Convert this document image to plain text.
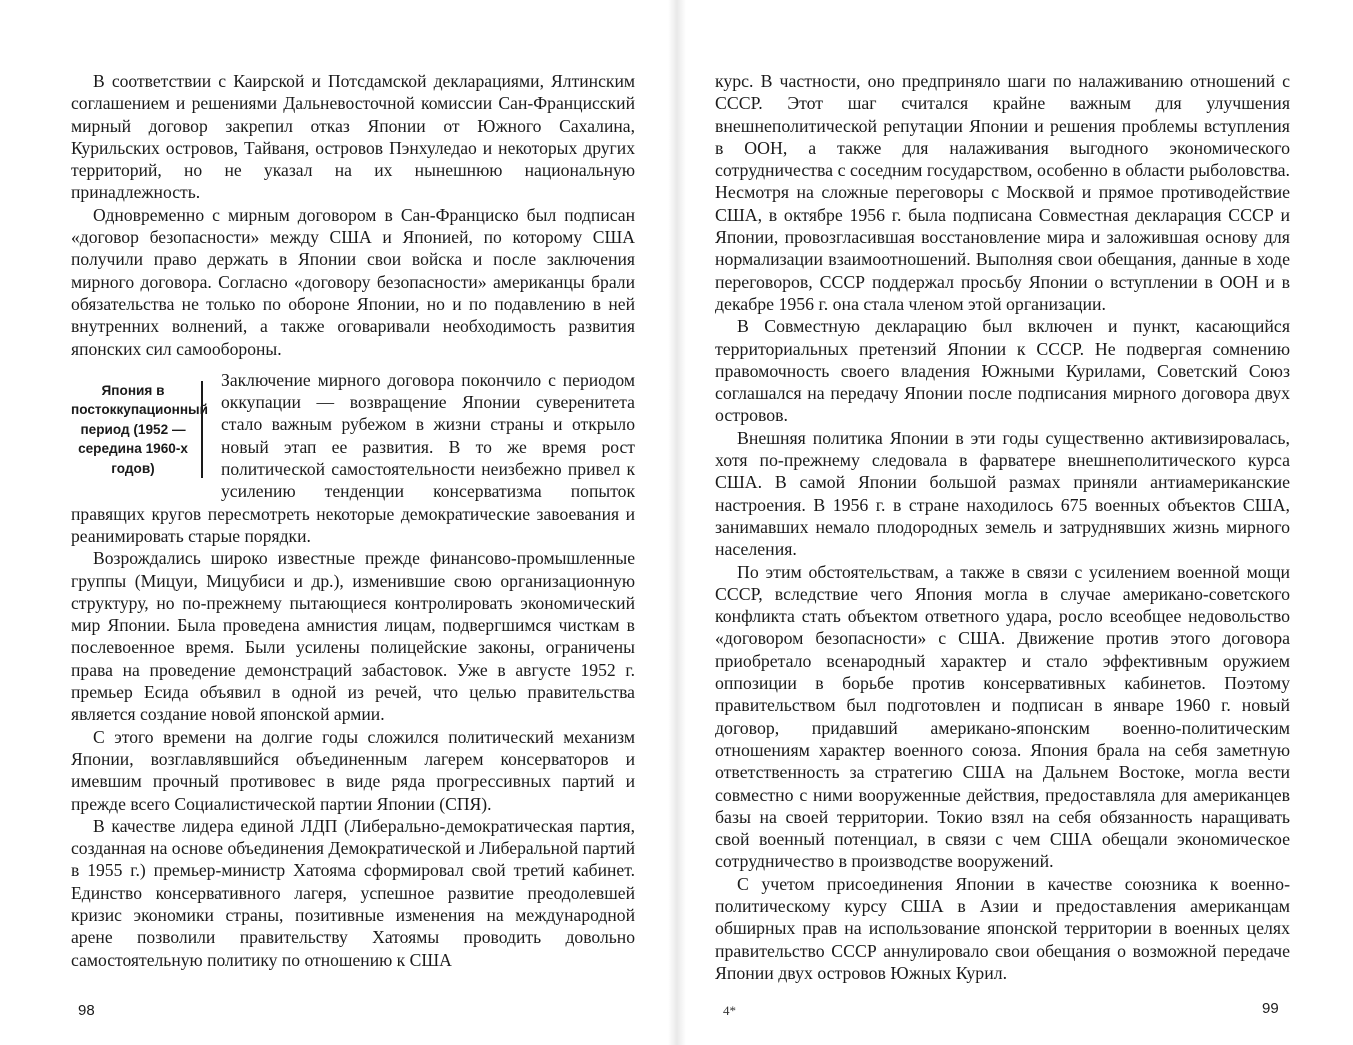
В соответствии с Каирской и Потсдамской декларациями, Ялтинским соглашением и решениями Дальневосточной комиссии Сан-Францисский мирный договор закрепил отказ Японии от Южного Сахалина, Курильских островов, Тайваня, островов Пэнхуледао и некоторых других территорий, но не указал на их нынешнюю национальную принадлежность.

Одновременно с мирным договором в Сан-Франциско был подписан «договор безопасности» между США и Японией, по которому США получили право держать в Японии свои войска и после заключения мирного договора. Согласно «договору безопасности» американцы брали обязательства не только по обороне Японии, но и по подавлению в ней внутренних волнений, а также оговаривали необходимость развития японских сил самообороны.

Япония в постоккупационный период (1952 — середина 1960-х годов)

Заключение мирного договора покончило с периодом оккупации — возвращение Японии суверенитета стало важным рубежом в жизни страны и открыло новый этап ее развития. В то же время рост политической самостоятельности неизбежно привел к усилению тенденции консерватизма попыток правящих кругов пересмотреть некоторые демократические завоевания и реанимировать старые порядки.

Возрождались широко известные прежде финансово-промышленные группы (Мицуи, Мицубиси и др.), изменившие свою организационную структуру, но по-прежнему пытающиеся контролировать экономический мир Японии. Была проведена амнистия лицам, подвергшимся чисткам в послевоенное время. Были усилены полицейские законы, ограничены права на проведение демонстраций забастовок. Уже в августе 1952 г. премьер Есида объявил в одной из речей, что целью правительства является создание новой японской армии.

С этого времени на долгие годы сложился политический механизм Японии, возглавлявшийся объединенным лагерем консерваторов и имевшим прочный противовес в виде ряда прогрессивных партий и прежде всего Социалистической партии Японии (СПЯ).

В качестве лидера единой ЛДП (Либерально-демократическая партия, созданная на основе объединения Демократической и Либеральной партий в 1955 г.) премьер-министр Хатояма сформировал свой третий кабинет. Единство консервативного лагеря, успешное развитие преодолевшей кризис экономики страны, позитивные изменения на международной арене позволили правительству Хатоямы проводить довольно самостоятельную политику по отношению к США

курс. В частности, оно предприняло шаги по налаживанию отношений с СССР. Этот шаг считался крайне важным для улучшения внешнеполитической репутации Японии и решения проблемы вступления в ООН, а также для налаживания выгодного экономического сотрудничества с соседним государством, особенно в области рыболовства. Несмотря на сложные переговоры с Москвой и прямое противодействие США, в октябре 1956 г. была подписана Совместная декларация СССР и Японии, провозгласившая восстановление мира и заложившая основу для нормализации взаимоотношений. Выполняя свои обещания, данные в ходе переговоров, СССР поддержал просьбу Японии о вступлении в ООН и в декабре 1956 г. она стала членом этой организации.

В Совместную декларацию был включен и пункт, касающийся территориальных претензий Японии к СССР. Не подвергая сомнению правомочность своего владения Южными Курилами, Советский Союз соглашался на передачу Японии после подписания мирного договора двух островов.

Внешняя политика Японии в эти годы существенно активизировалась, хотя по-прежнему следовала в фарватере внешнеполитического курса США. В самой Японии большой размах приняли антиамериканские настроения. В 1956 г. в стране находилось 675 военных объектов США, занимавших немало плодородных земель и затруднявших жизнь мирного населения.

По этим обстоятельствам, а также в связи с усилением военной мощи СССР, вследствие чего Япония могла в случае американо-советского конфликта стать объектом ответного удара, росло всеобщее недовольство «договором безопасности» с США. Движение против этого договора приобретало всенародный характер и стало эффективным оружием оппозиции в борьбе против консервативных кабинетов. Поэтому правительством был подготовлен и подписан в январе 1960 г. новый договор, придавший американо-японским военно-политическим отношениям характер военного союза. Япония брала на себя заметную ответственность за стратегию США на Дальнем Востоке, могла вести совместно с ними вооруженные действия, предоставляла для американцев базы на своей территории. Токио взял на себя обязанность наращивать свой военный потенциал, в связи с чем США обещали экономическое сотрудничество в производстве вооружений.

С учетом присоединения Японии в качестве союзника к военно-политическому курсу США в Азии и предоставления американцам обширных прав на использование японской территории в военных целях правительство СССР аннулировало свои обещания о возможной передаче Японии двух островов Южных Курил.

98	4*	99
